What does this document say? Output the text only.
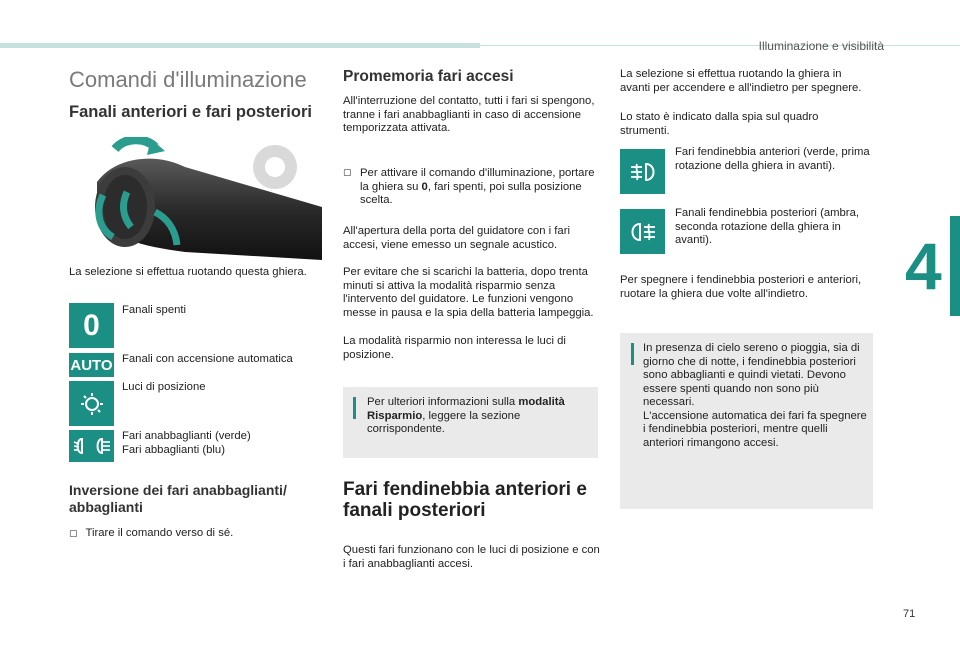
Illuminazione e visibilità
4
71
Comandi d'illuminazione
Fanali anteriori e fari posteriori
La selezione si effettua ruotando questa ghiera.
0 Fanali spenti
AUTO Fanali con accensione automatica
Luci di posizione
Fari anabbaglianti (verde)
Fari abbaglianti (blu)
Inversione dei fari anabbaglianti/ abbaglianti
▢ Tirare il comando verso di sé.
Promemoria fari accesi
All'interruzione del contatto, tutti i fari si spengono, tranne i fari anabbaglianti in caso di accensione temporizzata attivata.
▢ Per attivare il comando d'illuminazione, portare la ghiera su 0, fari spenti, poi sulla posizione scelta.
All'apertura della porta del guidatore con i fari accesi, viene emesso un segnale acustico.
Per evitare che si scarichi la batteria, dopo trenta minuti si attiva la modalità risparmio senza l'intervento del guidatore. Le funzioni vengono messe in pausa e la spia della batteria lampeggia.
La modalità risparmio non interessa le luci di posizione.
Per ulteriori informazioni sulla modalità Risparmio, leggere la sezione corrispondente.
Fari fendinebbia anteriori e fanali posteriori
Questi fari funzionano con le luci di posizione e con i fari anabbaglianti accesi.
La selezione si effettua ruotando la ghiera in avanti per accendere e all'indietro per spegnere.
Lo stato è indicato dalla spia sul quadro strumenti.
Fari fendinebbia anteriori (verde, prima rotazione della ghiera in avanti).
Fanali fendinebbia posteriori (ambra, seconda rotazione della ghiera in avanti).
Per spegnere i fendinebbia posteriori e anteriori, ruotare la ghiera due volte all'indietro.
In presenza di cielo sereno o pioggia, sia di giorno che di notte, i fendinebbia posteriori sono abbaglianti e quindi vietati. Devono essere spenti quando non sono più necessari.
L'accensione automatica dei fari fa spegnere i fendinebbia posteriori, mentre quelli anteriori rimangono accesi.
